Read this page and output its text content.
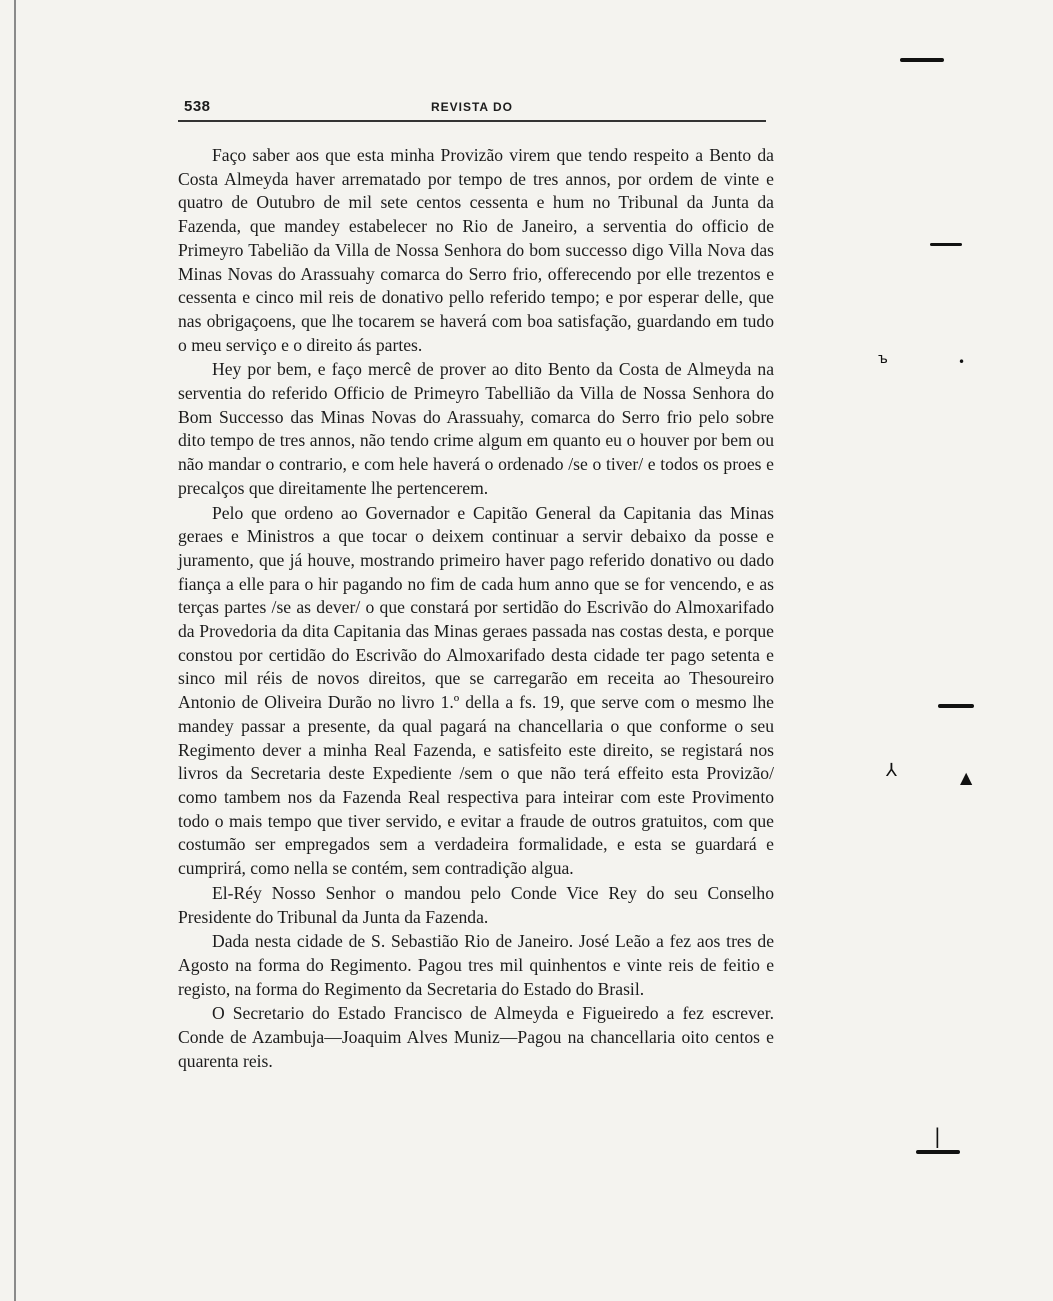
538	REVISTA DO

Faço saber aos que esta minha Provizão virem que tendo respeito a Bento da Costa Almeyda haver arrematado por tempo de tres annos, por ordem de vinte e quatro de Outubro de mil sete centos cessenta e hum no Tribunal da Junta da Fazenda, que mandey estabelecer no Rio de Janeiro, a serventia do officio de Primeyro Tabelião da Villa de Nossa Senhora do bom successo digo Villa Nova das Minas Novas do Arassuahy comarca do Serro frio, offerecendo por elle trezentos e cessenta e cinco mil reis de donativo pello referido tempo; e por esperar delle, que nas obrigaçoens, que lhe tocarem se haverá com boa satisfação, guardando em tudo o meu serviço e o direito ás partes.

Hey por bem, e faço mercê de prover ao dito Bento da Costa de Almeyda na serventia do referido Officio de Primeyro Tabellião da Villa de Nossa Senhora do Bom Successo das Minas Novas do Arassuahy, comarca do Serro frio pelo sobre dito tempo de tres annos, não tendo crime algum em quanto eu o houver por bem ou não mandar o contrario, e com hele haverá o ordenado /se o tiver/ e todos os proes e precalços que direitamente lhe pertencerem.

Pelo que ordeno ao Governador e Capitão General da Capitania das Minas geraes e Ministros a que tocar o deixem continuar a servir debaixo da posse e juramento, que já houve, mostrando primeiro haver pago referido donativo ou dado fiança a elle para o hir pagando no fim de cada hum anno que se for vencendo, e as terças partes /se as dever/ o que constará por sertidão do Escrivão do Almoxarifado da Provedoria da dita Capitania das Minas geraes passada nas costas desta, e porque constou por certidão do Escrivão do Almoxarifado desta cidade ter pago setenta e sinco mil réis de novos direitos, que se carregarão em receita ao Thesoureiro Antonio de Oliveira Durão no livro 1.º della a fs. 19, que serve com o mesmo lhe mandey passar a presente, da qual pagará na chancellaria o que conforme o seu Regimento dever a minha Real Fazenda, e satisfeito este direito, se registará nos livros da Secretaria deste Expediente /sem o que não terá effeito esta Provizão/ como tambem nos da Fazenda Real respectiva para inteirar com este Provimento todo o mais tempo que tiver servido, e evitar a fraude de outros gratuitos, com que costumão ser empregados sem a verdadeira formalidade, e esta se guardará e cumprirá, como nella se contém, sem contradição algua.

El-Réy Nosso Senhor o mandou pelo Conde Vice Rey do seu Conselho Presidente do Tribunal da Junta da Fazenda.

Dada nesta cidade de S. Sebastião Rio de Janeiro. José Leão a fez aos tres de Agosto na forma do Regimento. Pagou tres mil quinhentos e vinte reis de feitio e registo, na forma do Regimento da Secretaria do Estado do Brasil.

O Secretario do Estado Francisco de Almeyda e Figueiredo a fez escrever. Conde de Azambuja—Joaquim Alves Muniz—Pagou na chancellaria oito centos e quarenta reis.

ъ	•
⅄	▲
|
